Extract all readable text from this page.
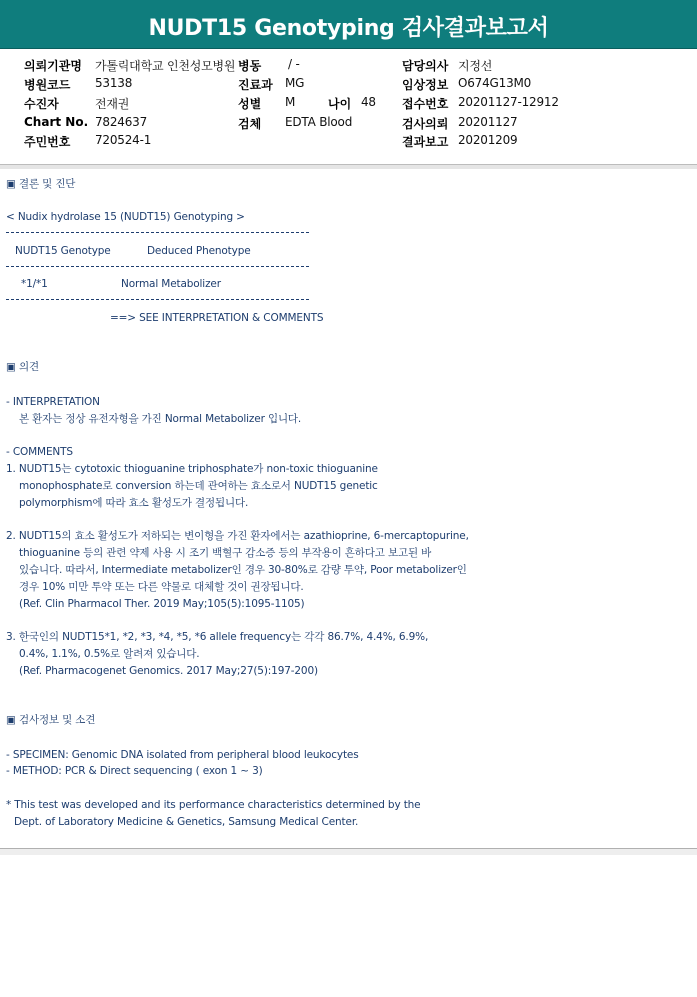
NUDT15 Genotyping 검사결과보고서
의뢰기관명 가톨릭대학교 인천성모병원 병동 / -	담당의사 지정선
병원코드 53138	진료과 MG	임상정보 O674G13M0
수진자	전재권	성별 M	나이 48 접수번호 20201127-12912
Chart No. 7824637	검체 EDTA Blood	검사의뢰 20201127
주민번호 720524-1	결과보고 20201209
▣ 결론 및 진단
< Nudix hydrolase 15 (NUDT15) Genotyping >
NUDT15 Genotype	Deduced Phenotype
*1/*1	Normal Metabolizer
==> SEE INTERPRETATION & COMMENTS
▣ 의견
- INTERPRETATION
본 환자는 정상 유전자형을 가진 Normal Metabolizer 입니다.
- COMMENTS
1. NUDT15는 cytotoxic thioguanine triphosphate가 non-toxic thioguanine
monophosphate로 conversion 하는데 관여하는 효소로서 NUDT15 genetic
polymorphism에 따라 효소 활성도가 결정됩니다.
2. NUDT15의 효소 활성도가 저하되는 변이형을 가진 환자에서는 azathioprine, 6-mercaptopurine,
thioguanine 등의 관련 약제 사용 시 조기 백혈구 감소증 등의 부작용이 흔하다고 보고된 바
있습니다. 따라서, Intermediate metabolizer인 경우 30-80%로 감량 투약, Poor metabolizer인
경우 10% 미만 투약 또는 다른 약물로 대체할 것이 권장됩니다.
(Ref. Clin Pharmacol Ther. 2019 May;105(5):1095-1105)
3. 한국인의 NUDT15*1, *2, *3, *4, *5, *6 allele frequency는 각각 86.7%, 4.4%, 6.9%,
0.4%, 1.1%, 0.5%로 알려져 있습니다.
(Ref. Pharmacogenet Genomics. 2017 May;27(5):197-200)
▣ 검사정보 및 소견
- SPECIMEN: Genomic DNA isolated from peripheral blood leukocytes
- METHOD: PCR & Direct sequencing ( exon 1 ~ 3)
* This test was developed and its performance characteristics determined by the
Dept. of Laboratory Medicine & Genetics, Samsung Medical Center.
